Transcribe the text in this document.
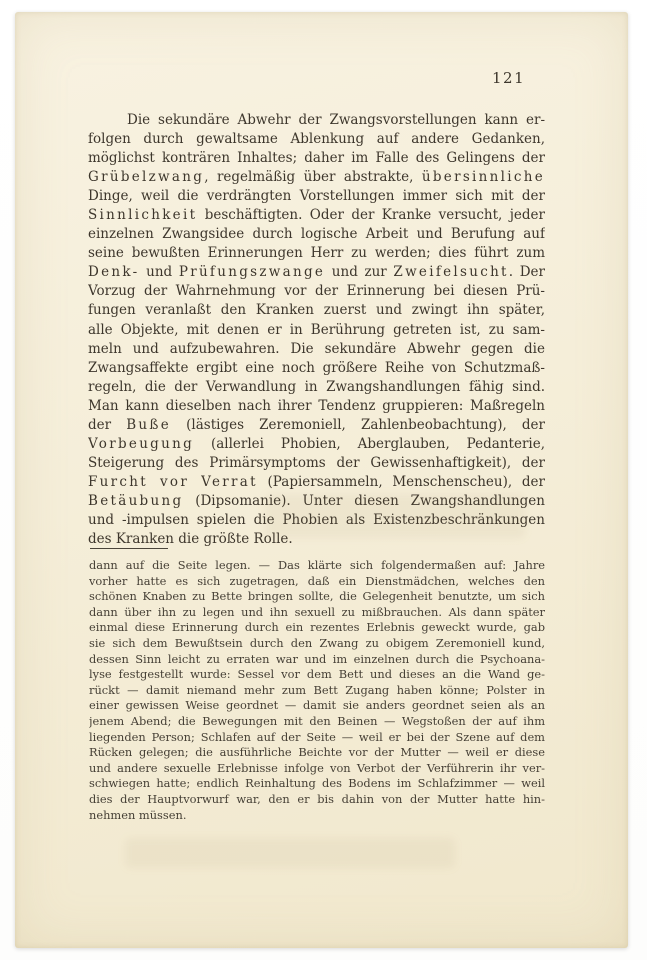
121
Die sekundäre Abwehr der Zwangsvorstellungen kann er-
folgen durch gewaltsame Ablenkung auf andere Gedanken,
möglichst konträren Inhaltes; daher im Falle des Gelingens der
Grübelzwang, regelmäßig über abstrakte, übersinnliche
Dinge, weil die verdrängten Vorstellungen immer sich mit der
Sinnlichkeit beschäftigten. Oder der Kranke versucht, jeder
einzelnen Zwangsidee durch logische Arbeit und Berufung auf
seine bewußten Erinnerungen Herr zu werden; dies führt zum
Denk- und Prüfungszwange und zur Zweifelsucht. Der
Vorzug der Wahrnehmung vor der Erinnerung bei diesen Prü-
fungen veranlaßt den Kranken zuerst und zwingt ihn später,
alle Objekte, mit denen er in Berührung getreten ist, zu sam-
meln und aufzubewahren. Die sekundäre Abwehr gegen die
Zwangsaffekte ergibt eine noch größere Reihe von Schutzmaß-
regeln, die der Verwandlung in Zwangshandlungen fähig sind.
Man kann dieselben nach ihrer Tendenz gruppieren: Maßregeln
der Buße (lästiges Zeremoniell, Zahlenbeobachtung), der
Vorbeugung (allerlei Phobien, Aberglauben, Pedanterie,
Steigerung des Primärsymptoms der Gewissenhaftigkeit), der
Furcht vor Verrat (Papiersammeln, Menschenscheu), der
Betäubung (Dipsomanie). Unter diesen Zwangshandlungen
und -impulsen spielen die Phobien als Existenzbeschränkungen
des Kranken die größte Rolle.
dann auf die Seite legen. — Das klärte sich folgendermaßen auf: Jahre
vorher hatte es sich zugetragen, daß ein Dienstmädchen, welches den
schönen Knaben zu Bette bringen sollte, die Gelegenheit benutzte, um sich
dann über ihn zu legen und ihn sexuell zu mißbrauchen. Als dann später
einmal diese Erinnerung durch ein rezentes Erlebnis geweckt wurde, gab
sie sich dem Bewußtsein durch den Zwang zu obigem Zeremoniell kund,
dessen Sinn leicht zu erraten war und im einzelnen durch die Psychoana-
lyse festgestellt wurde: Sessel vor dem Bett und dieses an die Wand ge-
rückt — damit niemand mehr zum Bett Zugang haben könne; Polster in
einer gewissen Weise geordnet — damit sie anders geordnet seien als an
jenem Abend; die Bewegungen mit den Beinen — Wegstoßen der auf ihm
liegenden Person; Schlafen auf der Seite — weil er bei der Szene auf dem
Rücken gelegen; die ausführliche Beichte vor der Mutter — weil er diese
und andere sexuelle Erlebnisse infolge von Verbot der Verführerin ihr ver-
schwiegen hatte; endlich Reinhaltung des Bodens im Schlafzimmer — weil
dies der Hauptvorwurf war, den er bis dahin von der Mutter hatte hin-
nehmen müssen.
